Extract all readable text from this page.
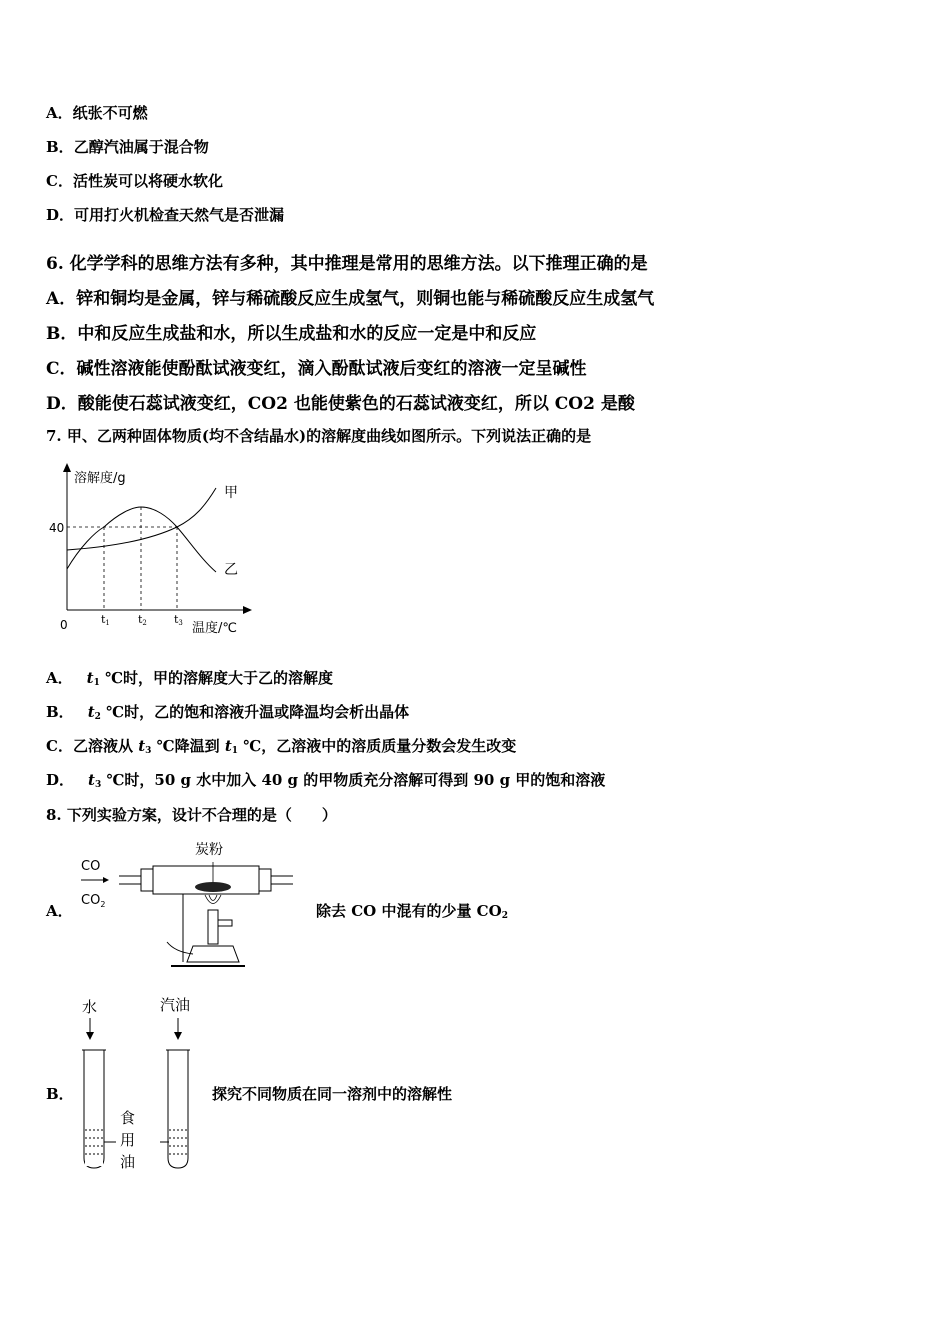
A．纸张不可燃
B．乙醇汽油属于混合物
C．活性炭可以将硬水软化
D．可用打火机检查天然气是否泄漏
6. 化学学科的思维方法有多种，其中推理是常用的思维方法。以下推理正确的是
A．锌和铜均是金属，锌与稀硫酸反应生成氢气，则铜也能与稀硫酸反应生成氢气
B．中和反应生成盐和水，所以生成盐和水的反应一定是中和反应
C．碱性溶液能使酚酞试液变红，滴入酚酞试液后变红的溶液一定呈碱性
D．酸能使石蕊试液变红，CO2 也能使紫色的石蕊试液变红，所以 CO2 是酸
7. 甲、乙两种固体物质(均不含结晶水)的溶解度曲线如图所示。下列说法正确的是
溶解度/g
40
0	t1	t2 t3 温度/℃
甲
乙
A． $t_1$ ℃时，甲的溶解度大于乙的溶解度
B． $t_2$ ℃时，乙的饱和溶液升温或降温均会析出晶体
C．乙溶液从 $t_3$ ℃降温到 $t_1$ ℃，乙溶液中的溶质质量分数会发生改变
D． $t_3$ ℃时，50 g 水中加入 40 g 的甲物质充分溶解可得到 90 g 甲的饱和溶液
8. 下列实验方案，设计不合理的是（　　）
A．
CO
$CO_2$
炭粉
除去 CO 中混有的少量 $CO_2$
B．
水
食
用
油
汽油
探究不同物质在同一溶剂中的溶解性
